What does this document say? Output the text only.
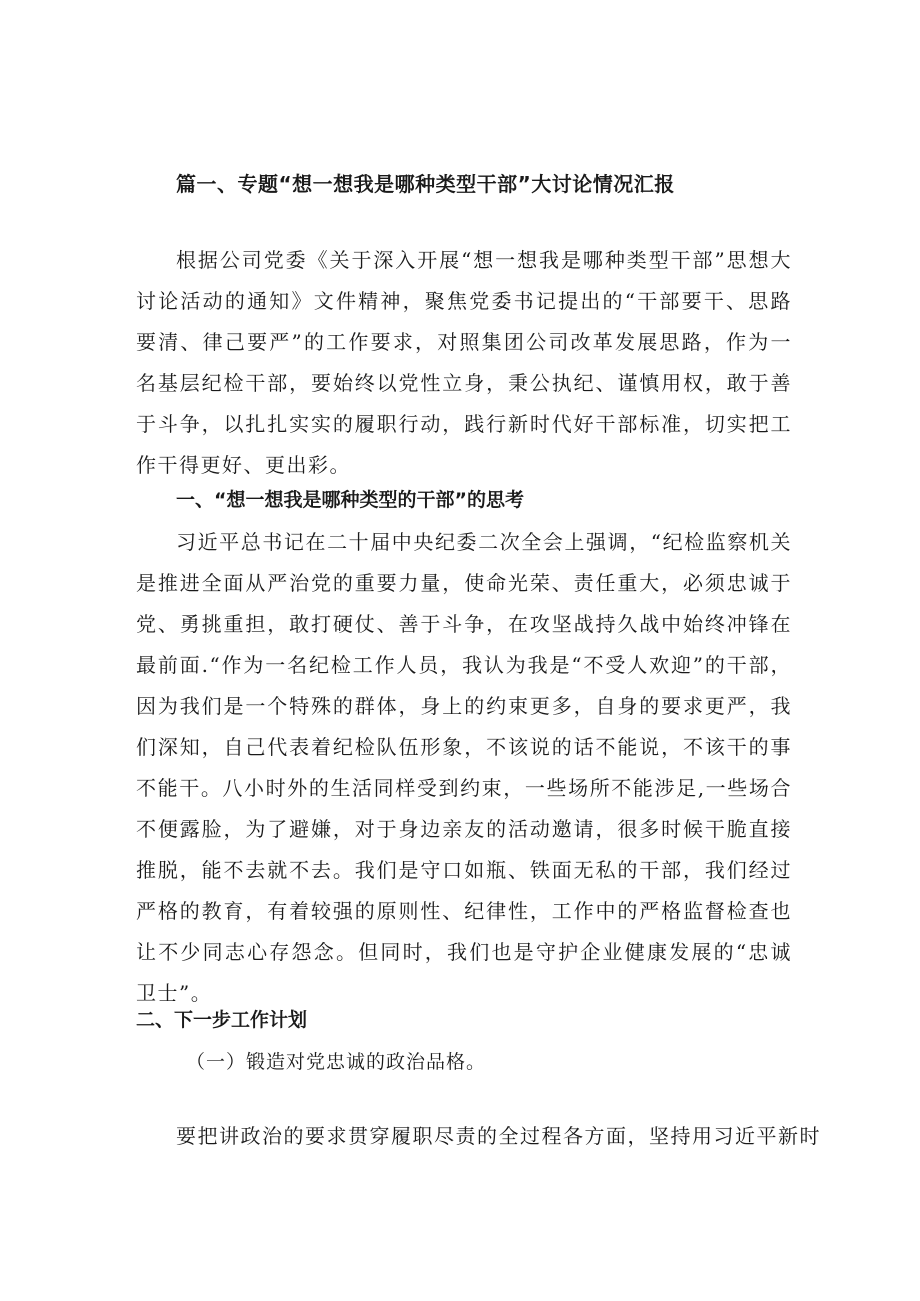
篇一、专题“想一想我是哪种类型干部”大讨论情况汇报
根据公司党委《关于深入开展“想一想我是哪种类型干部”思想大讨论活动的通知》文件精神，聚焦党委书记提出的“干部要干、思路要清、律己要严”的工作要求，对照集团公司改革发展思路，作为一名基层纪检干部，要始终以党性立身，秉公执纪、谨慎用权，敢于善于斗争，以扎扎实实的履职行动，践行新时代好干部标准，切实把工作干得更好、更出彩。
一、“想一想我是哪种类型的干部”的思考
习近平总书记在二十届中央纪委二次全会上强调，“纪检监察机关是推进全面从严治党的重要力量，使命光荣、责任重大，必须忠诚于党、勇挑重担，敢打硬仗、善于斗争，在攻坚战持久战中始终冲锋在最前面.“作为一名纪检工作人员，我认为我是“不受人欢迎”的干部，因为我们是一个特殊的群体，身上的约束更多，自身的要求更严，我们深知，自己代表着纪检队伍形象，不该说的话不能说，不该干的事不能干。八小时外的生活同样受到约束，一些场所不能涉足,一些场合不便露脸，为了避嫌，对于身边亲友的活动邀请，很多时候干脆直接推脱，能不去就不去。我们是守口如瓶、铁面无私的干部，我们经过严格的教育，有着较强的原则性、纪律性，工作中的严格监督检查也让不少同志心存怨念。但同时，我们也是守护企业健康发展的“忠诚卫士”。
二、下一步工作计划
（一）锻造对党忠诚的政治品格。
要把讲政治的要求贯穿履职尽责的全过程各方面，坚持用习近平新时
